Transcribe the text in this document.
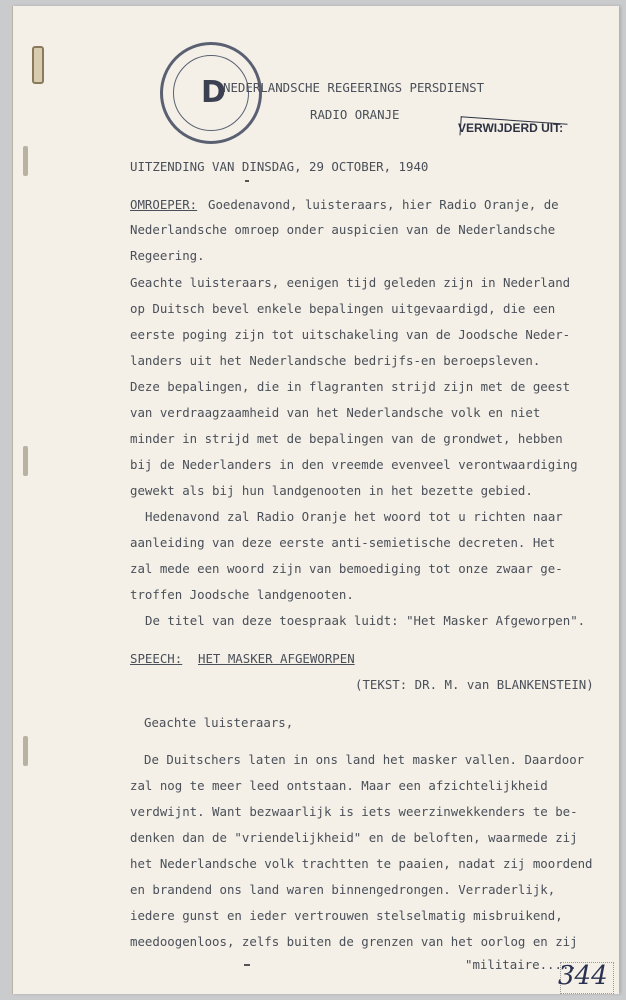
D
NEDERLANDSCHE REGEERINGS PERSDIENST
RADIO ORANJE
VERWIJDERD UIT:
UITZENDING VAN DINSDAG, 29 OCTOBER, 1940
OMROEPER: Goedenavond, luisteraars, hier Radio Oranje, de
Nederlandsche omroep onder auspicien van de Nederlandsche
Regeering.
Geachte luisteraars, eenigen tijd geleden zijn in Nederland
op Duitsch bevel enkele bepalingen uitgevaardigd, die een
eerste poging zijn tot uitschakeling van de Joodsche Neder-
landers uit het Nederlandsche bedrijfs-en beroepsleven.
Deze bepalingen, die in flagranten strijd zijn met de geest
van verdraagzaamheid van het Nederlandsche volk en niet
minder in strijd met de bepalingen van de grondwet, hebben
bij de Nederlanders in den vreemde evenveel verontwaardiging
gewekt als bij hun landgenooten in het bezette gebied.
Hedenavond zal Radio Oranje het woord tot u richten naar
aanleiding van deze eerste anti-semietische decreten. Het
zal mede een woord zijn van bemoediging tot onze zwaar ge-
troffen Joodsche landgenooten.
De titel van deze toespraak luidt: "Het Masker Afgeworpen".
SPEECH: HET MASKER AFGEWORPEN
(TEKST: DR. M. van BLANKENSTEIN)
Geachte luisteraars,
De Duitschers laten in ons land het masker vallen. Daardoor
zal nog te meer leed ontstaan. Maar een afzichtelijkheid
verdwijnt. Want bezwaarlijk is iets weerzinwekkenders te be-
denken dan de "vriendelijkheid" en de beloften, waarmede zij
het Nederlandsche volk trachtten te paaien, nadat zij moordend
en brandend ons land waren binnengedrongen. Verraderlijk,
iedere gunst en ieder vertrouwen stelselmatig misbruikend,
meedoogenloos, zelfs buiten de grenzen van het oorlog en zij
"militaire.....
344
